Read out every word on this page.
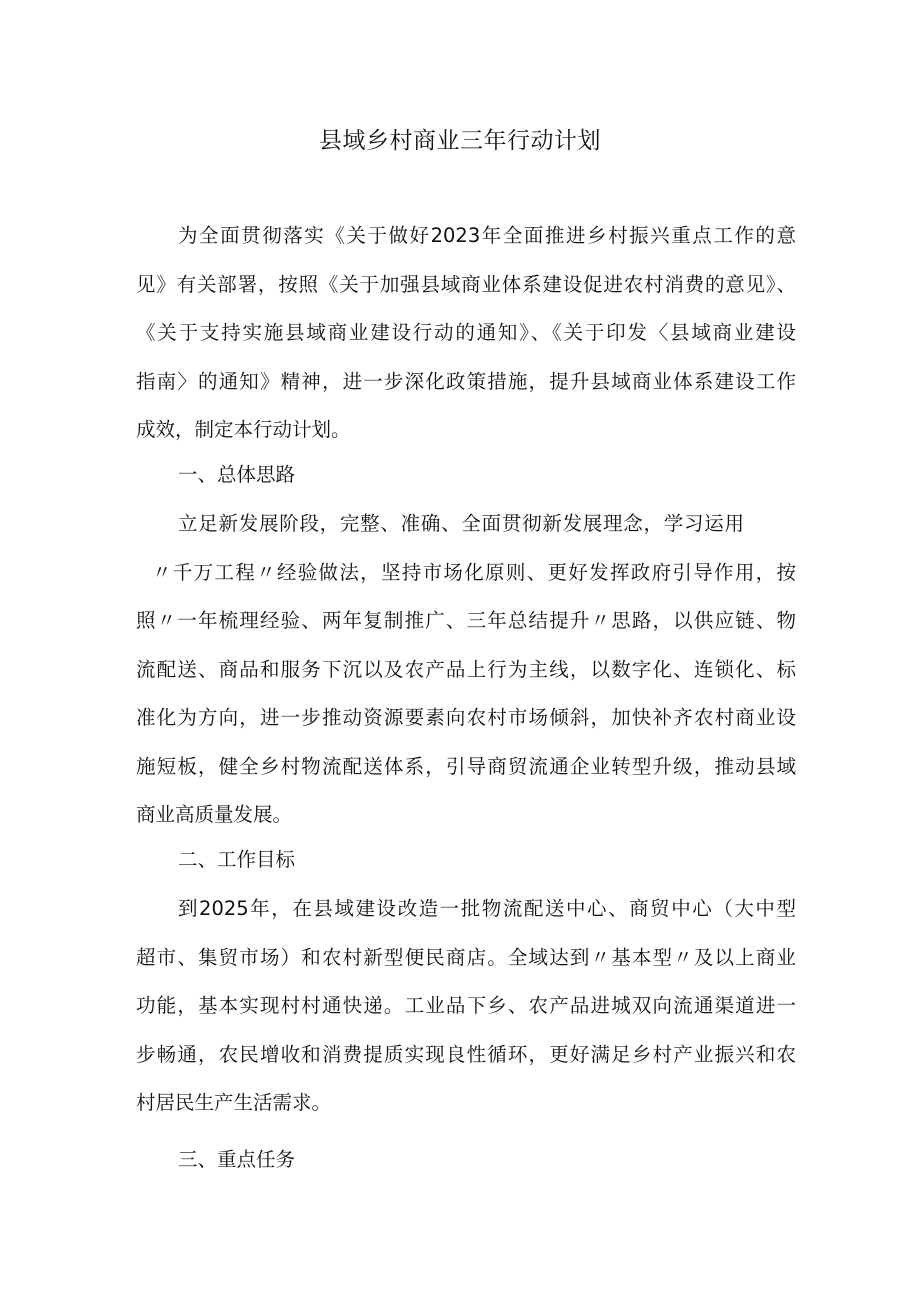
县域乡村商业三年行动计划
为全面贯彻落实《关于做好2023年全面推进乡村振兴重点工作的意
见》有关部署，按照《关于加强县域商业体系建设促进农村消费的意见》、
《关于支持实施县域商业建设行动的通知》、《关于印发〈县域商业建设
指南〉的通知》精神，进一步深化政策措施，提升县域商业体系建设工作
成效，制定本行动计划。
一、总体思路
立足新发展阶段，完整、准确、全面贯彻新发展理念，学习运用
〃千万工程〃经验做法，坚持市场化原则、更好发挥政府引导作用，按
照〃一年梳理经验、两年复制推广、三年总结提升〃思路，以供应链、物
流配送、商品和服务下沉以及农产品上行为主线，以数字化、连锁化、标
准化为方向，进一步推动资源要素向农村市场倾斜，加快补齐农村商业设
施短板，健全乡村物流配送体系，引导商贸流通企业转型升级，推动县域
商业高质量发展。
二、工作目标
到2025年，在县域建设改造一批物流配送中心、商贸中心（大中型
超市、集贸市场）和农村新型便民商店。全域达到〃基本型〃及以上商业
功能，基本实现村村通快递。工业品下乡、农产品进城双向流通渠道进一
步畅通，农民增收和消费提质实现良性循环，更好满足乡村产业振兴和农
村居民生产生活需求。
三、重点任务
